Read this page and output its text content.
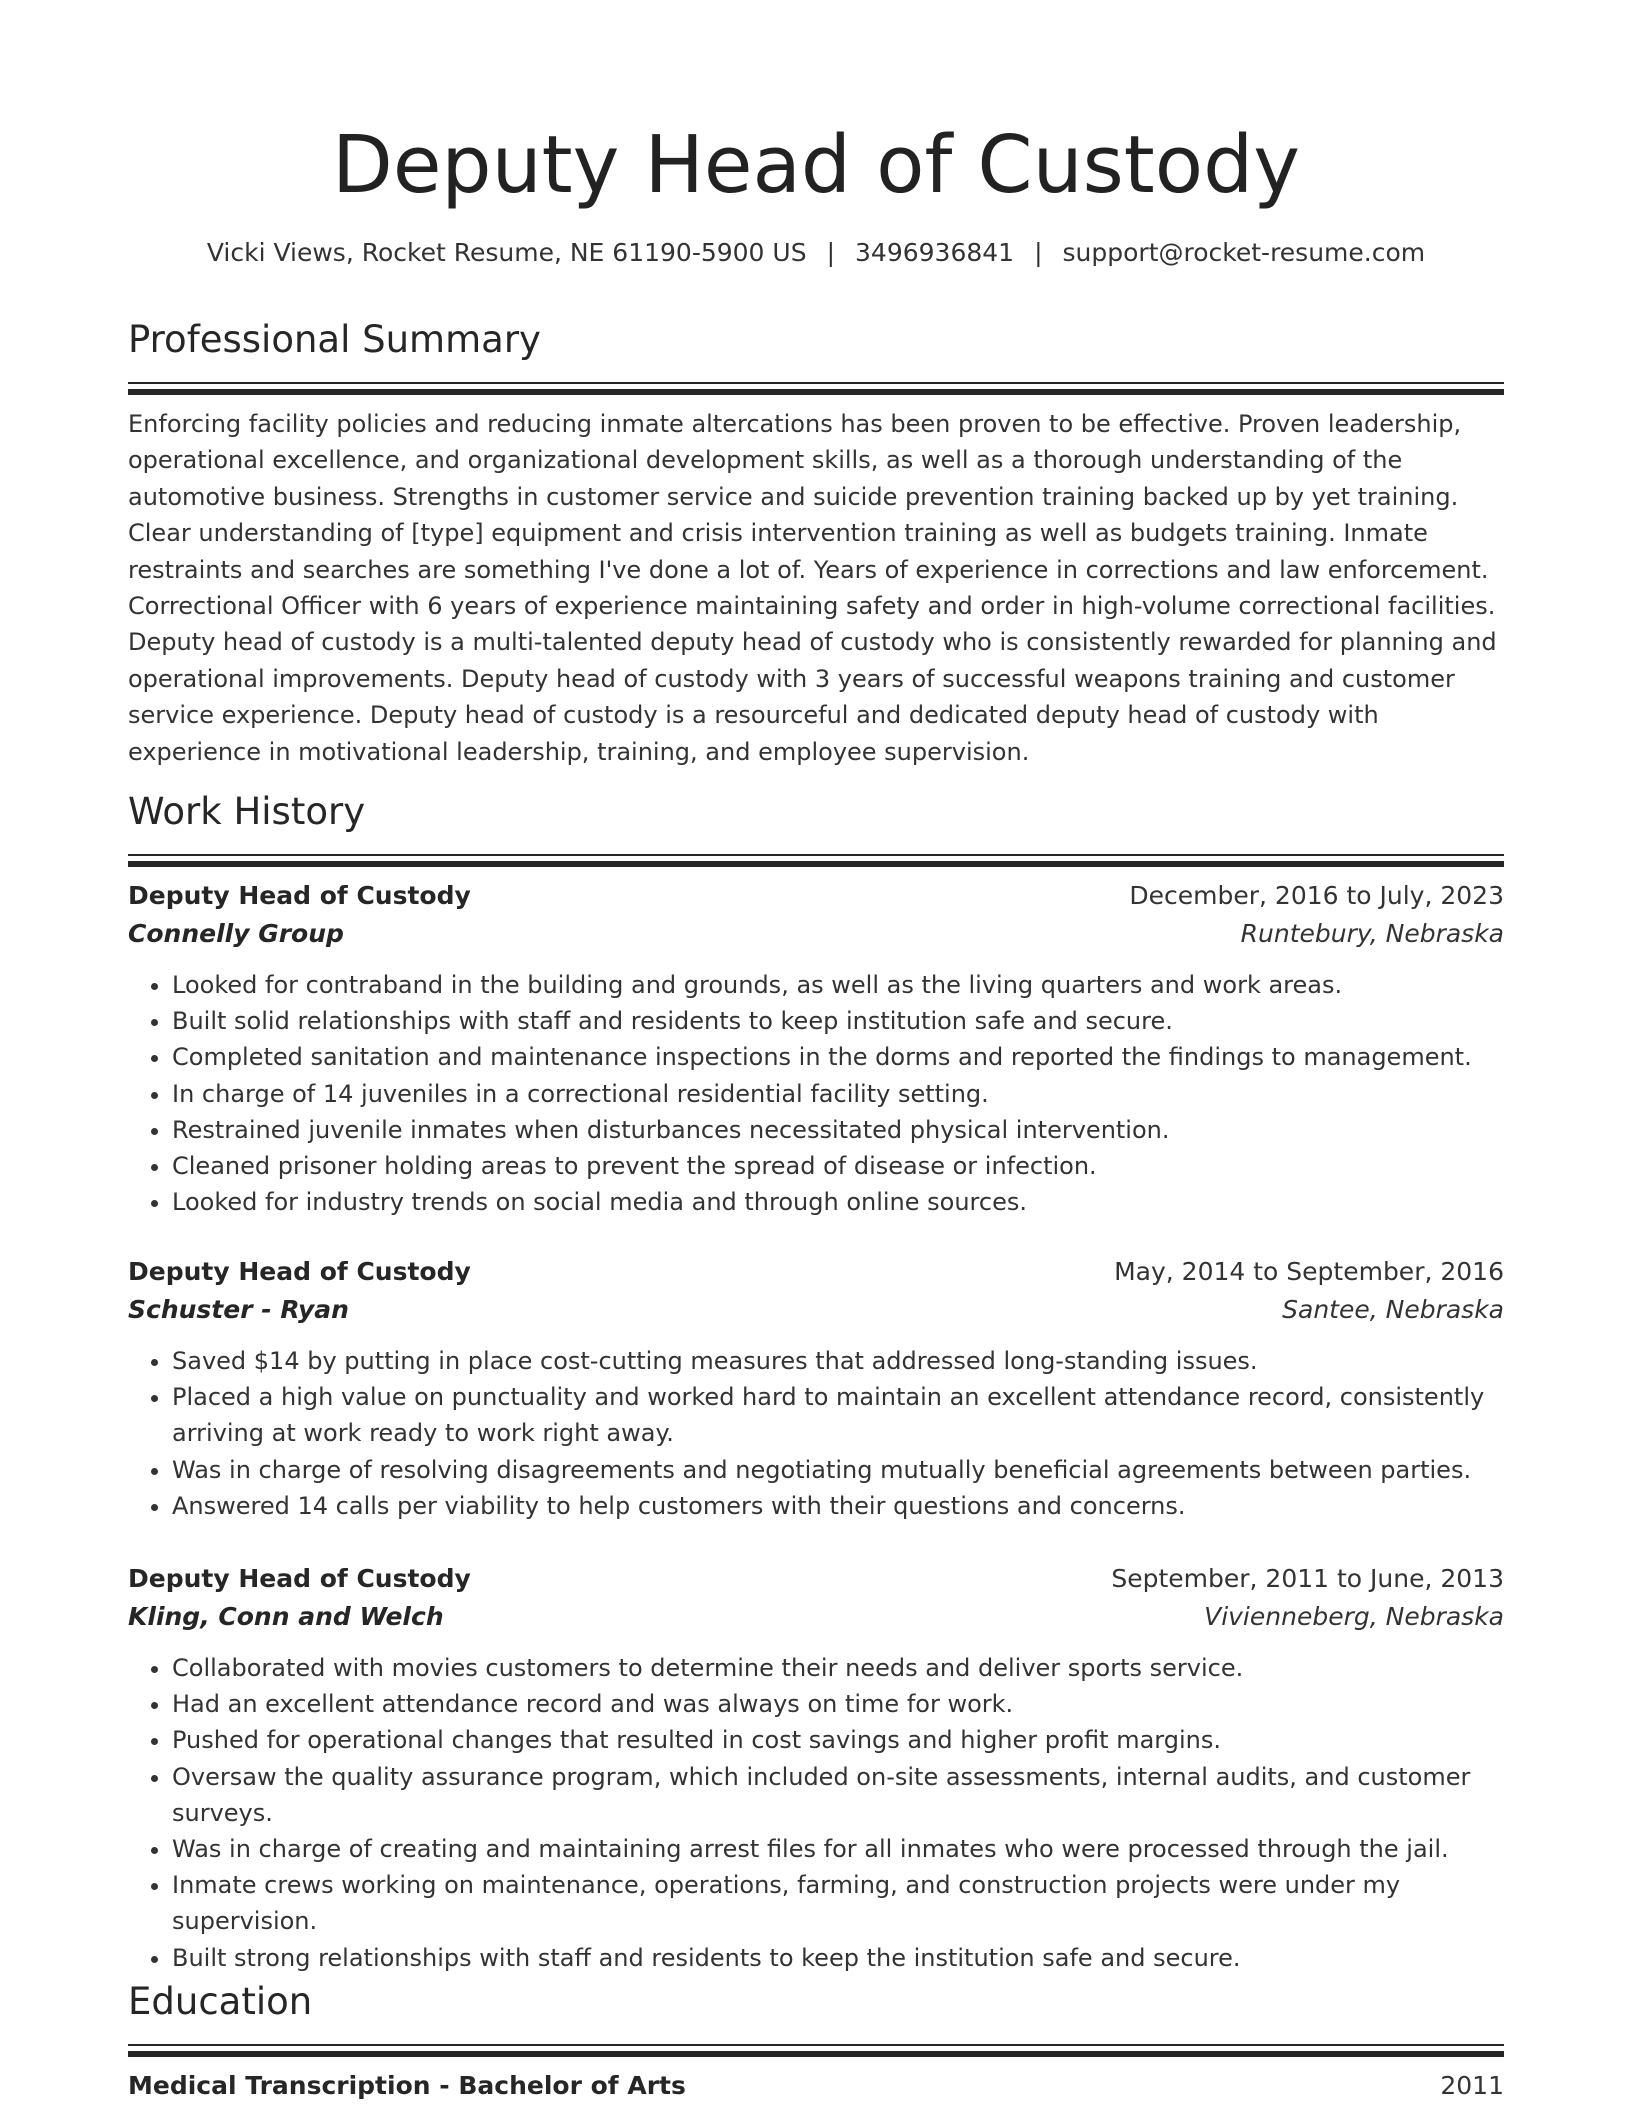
Deputy Head of Custody
Vicki Views, Rocket Resume, NE 61190-5900 US | 3496936841 | support@rocket-resume.com
Professional Summary

Enforcing facility policies and reducing inmate altercations has been proven to be effective. Proven leadership, operational excellence, and organizational development skills, as well as a thorough understanding of the automotive business. Strengths in customer service and suicide prevention training backed up by yet training. Clear understanding of [type] equipment and crisis intervention training as well as budgets training. Inmate restraints and searches are something I've done a lot of. Years of experience in corrections and law enforcement. Correctional Officer with 6 years of experience maintaining safety and order in high-volume correctional facilities. Deputy head of custody is a multi-talented deputy head of custody who is consistently rewarded for planning and operational improvements. Deputy head of custody with 3 years of successful weapons training and customer service experience. Deputy head of custody is a resourceful and dedicated deputy head of custody with experience in motivational leadership, training, and employee supervision.

Work History
Deputy Head of Custody	December, 2016 to July, 2023
Connelly Group	Runtebury, Nebraska
• Looked for contraband in the building and grounds, as well as the living quarters and work areas.
• Built solid relationships with staff and residents to keep institution safe and secure.
• Completed sanitation and maintenance inspections in the dorms and reported the findings to management.
• In charge of 14 juveniles in a correctional residential facility setting.
• Restrained juvenile inmates when disturbances necessitated physical intervention.
• Cleaned prisoner holding areas to prevent the spread of disease or infection.
• Looked for industry trends on social media and through online sources.
Deputy Head of Custody	May, 2014 to September, 2016
Schuster - Ryan	Santee, Nebraska
• Saved $14 by putting in place cost-cutting measures that addressed long-standing issues.
• Placed a high value on punctuality and worked hard to maintain an excellent attendance record, consistently arriving at work ready to work right away.
• Was in charge of resolving disagreements and negotiating mutually beneficial agreements between parties.
• Answered 14 calls per viability to help customers with their questions and concerns.
Deputy Head of Custody	September, 2011 to June, 2013
Kling, Conn and Welch	Vivienneberg, Nebraska
• Collaborated with movies customers to determine their needs and deliver sports service.
• Had an excellent attendance record and was always on time for work.
• Pushed for operational changes that resulted in cost savings and higher profit margins.
• Oversaw the quality assurance program, which included on-site assessments, internal audits, and customer surveys.
• Was in charge of creating and maintaining arrest files for all inmates who were processed through the jail.
• Inmate crews working on maintenance, operations, farming, and construction projects were under my supervision.
• Built strong relationships with staff and residents to keep the institution safe and secure.
Education
Medical Transcription - Bachelor of Arts	2011
